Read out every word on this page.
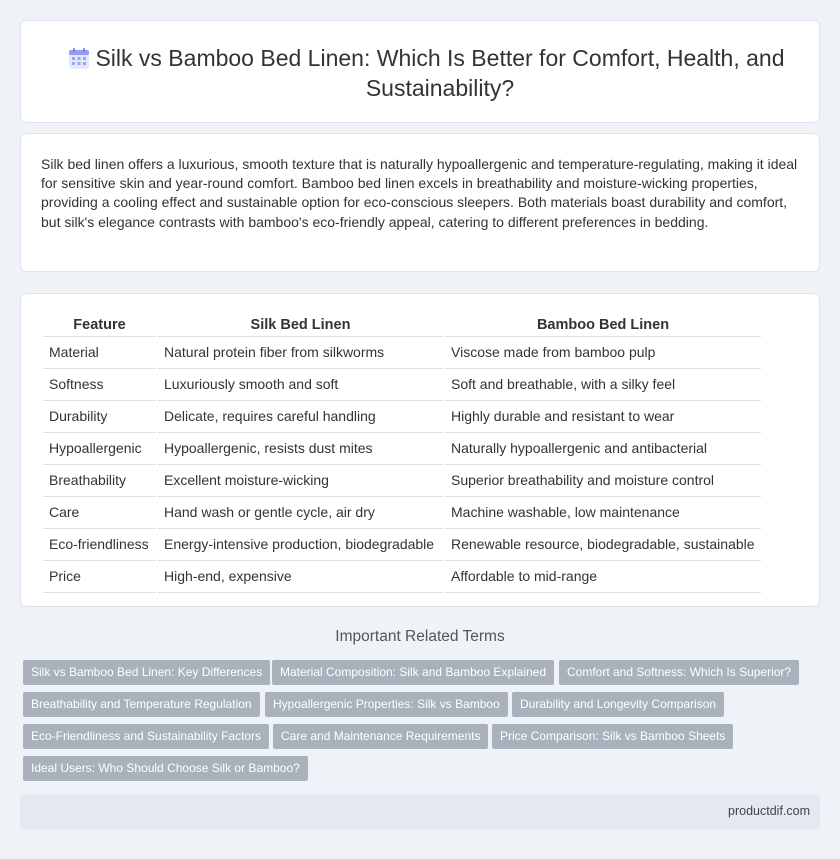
Silk vs Bamboo Bed Linen: Which Is Better for Comfort, Health, and Sustainability?

Silk bed linen offers a luxurious, smooth texture that is naturally hypoallergenic and temperature-regulating, making it ideal for sensitive skin and year-round comfort. Bamboo bed linen excels in breathability and moisture-wicking properties, providing a cooling effect and sustainable option for eco-conscious sleepers. Both materials boast durability and comfort, but silk's elegance contrasts with bamboo's eco-friendly appeal, catering to different preferences in bedding.

Feature	Silk Bed Linen	Bamboo Bed Linen
Material	Natural protein fiber from silkworms	Viscose made from bamboo pulp
Softness	Luxuriously smooth and soft	Soft and breathable, with a silky feel
Durability	Delicate, requires careful handling	Highly durable and resistant to wear
Hypoallergenic	Hypoallergenic, resists dust mites	Naturally hypoallergenic and antibacterial
Breathability	Excellent moisture-wicking	Superior breathability and moisture control
Care	Hand wash or gentle cycle, air dry	Machine washable, low maintenance
Eco-friendliness	Energy-intensive production, biodegradable	Renewable resource, biodegradable, sustainable
Price	High-end, expensive	Affordable to mid-range
Important Related Terms
Silk vs Bamboo Bed Linen: Key Differences	Material Composition: Silk and Bamboo Explained	Comfort and Softness: Which Is Superior?
Breathability and Temperature Regulation	Hypoallergenic Properties: Silk vs Bamboo	Durability and Longevity Comparison
Eco-Friendliness and Sustainability Factors	Care and Maintenance Requirements	Price Comparison: Silk vs Bamboo Sheets
Ideal Users: Who Should Choose Silk or Bamboo?
productdif.com
